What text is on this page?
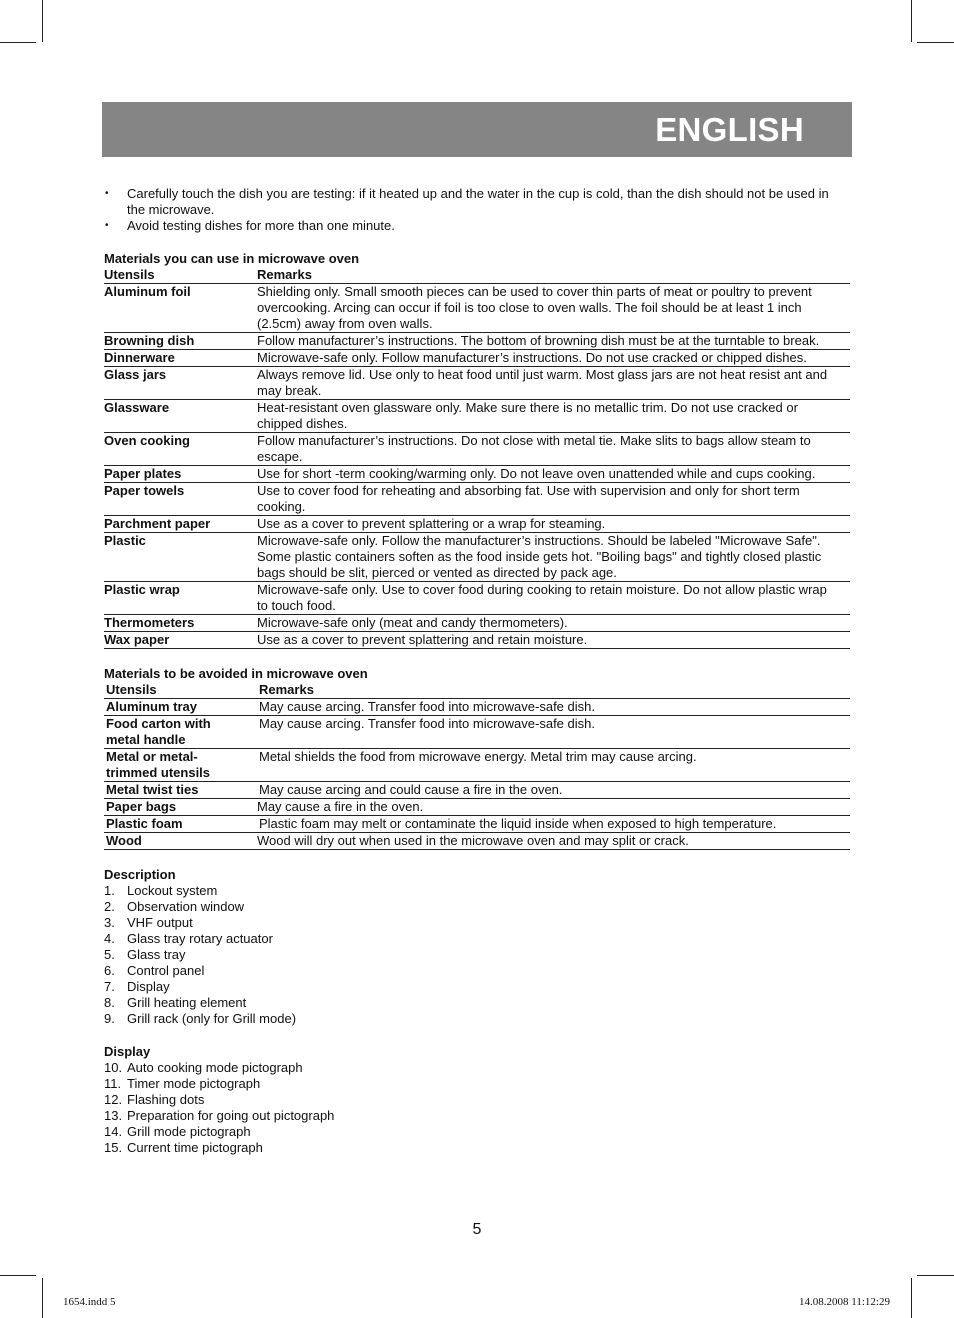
ENGLISH
• Carefully touch the dish you are testing: if it heated up and the water in the cup is cold, than the dish should not be used in the microwave.
• Avoid testing dishes for more than one minute.
Materials you can use in microwave oven
Utensils	Remarks
Aluminum foil	Shielding only. Small smooth pieces can be used to cover thin parts of meat or poultry to prevent overcooking. Arcing can occur if foil is too close to oven walls. The foil should be at least 1 inch (2.5cm) away from oven walls.
Browning dish	Follow manufacturer’s instructions. The bottom of browning dish must be at the turntable to break.
Dinnerware	Microwave-safe only. Follow manufacturer’s instructions. Do not use cracked or chipped dishes.
Glass jars	Always remove lid. Use only to heat food until just warm. Most glass jars are not heat resist ant and may break.
Glassware	Heat-resistant oven glassware only. Make sure there is no metallic trim. Do not use cracked or chipped dishes.
Oven cooking	Follow manufacturer’s instructions. Do not close with metal tie. Make slits to bags allow steam to escape.
Paper plates	Use for short -term cooking/warming only. Do not leave oven unattended while and cups cooking.
Paper towels	Use to cover food for reheating and absorbing fat. Use with supervision and only for short term cooking.
Parchment paper	Use as a cover to prevent splattering or a wrap for steaming.
Plastic	Microwave-safe only. Follow the manufacturer’s instructions. Should be labeled "Microwave Safe". Some plastic containers soften as the food inside gets hot. "Boiling bags" and tightly closed plastic bags should be slit, pierced or vented as directed by pack age.
Plastic wrap	Microwave-safe only. Use to cover food during cooking to retain moisture. Do not allow plastic wrap to touch food.
Thermometers	Microwave-safe only (meat and candy thermometers).
Wax paper	Use as a cover to prevent splattering and retain moisture.
Materials to be avoided in microwave oven
Utensils	Remarks
Aluminum tray	May cause arcing. Transfer food into microwave-safe dish.
Food carton with metal handle	May cause arcing. Transfer food into microwave-safe dish.
Metal or metal-trimmed utensils	Metal shields the food from microwave energy. Metal trim may cause arcing.
Metal twist ties	May cause arcing and could cause a fire in the oven.
Paper bags	May cause a fire in the oven.
Plastic foam	Plastic foam may melt or contaminate the liquid inside when exposed to high temperature.
Wood	Wood will dry out when used in the microwave oven and may split or crack.
Description
1. Lockout system
2. Observation window
3. VHF output
4. Glass tray rotary actuator
5. Glass tray
6. Control panel
7. Display
8. Grill heating element
9. Grill rack (only for Grill mode)
Display
10. Auto cooking mode pictograph
11. Timer mode pictograph
12. Flashing dots
13. Preparation for going out pictograph
14. Grill mode pictograph
15. Current time pictograph
5
1654.indd 5	14.08.2008 11:12:29
